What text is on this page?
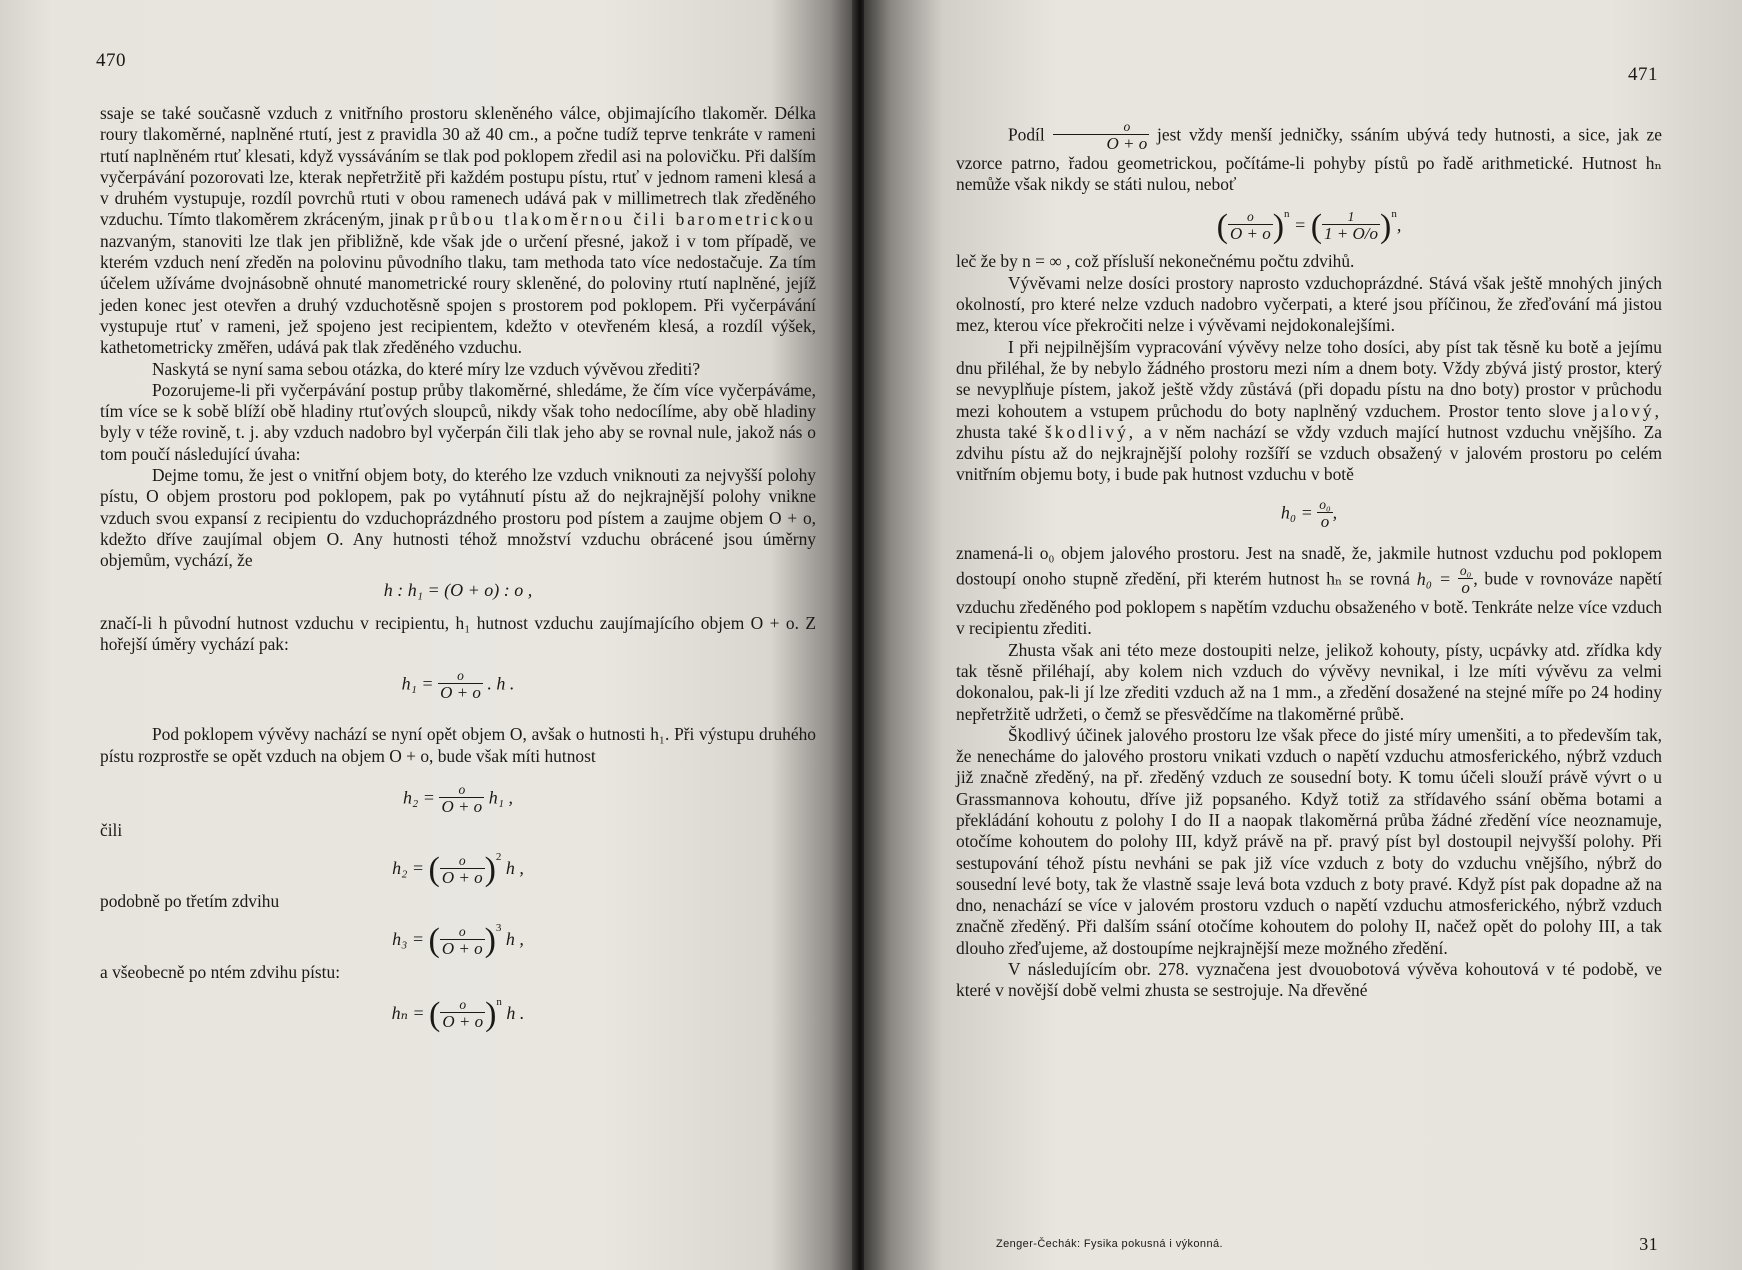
470

ssaje se také současně vzduch z vnitřního prostoru skleněného válce, objimajícího tlakoměr. Délka roury tlakoměrné, naplněné rtutí, jest z pravidla 30 až 40 cm., a počne tudíž teprve tenkráte v rameni rtutí naplněném rtuť klesati, když vyssáváním se tlak pod poklopem zředil asi na polovičku. Při dalším vyčerpávání pozorovati lze, kterak nepřetržitě při každém postupu pístu, rtuť v jednom rameni klesá a v druhém vystupuje, rozdíl povrchů rtuti v obou ramenech udává pak v millimetrech tlak zředěného vzduchu. Tímto tlakoměrem zkráceným, jinak průbou tlakoměrnou čili barometrickou nazvaným, stanoviti lze tlak jen přibližně, kde však jde o určení přesné, jakož i v tom případě, ve kterém vzduch není zředěn na polovinu původního tlaku, tam methoda tato více nedostačuje. Za tím účelem užíváme dvojnásobně ohnuté manometrické roury skleněné, do poloviny rtutí naplněné, jejíž jeden konec jest otevřen a druhý vzduchotěsně spojen s prostorem pod poklopem. Při vyčerpávání vystupuje rtuť v rameni, jež spojeno jest recipientem, kdežto v otevřeném klesá, a rozdíl výšek, kathetometricky změřen, udává pak tlak zředěného vzduchu.

Naskytá se nyní sama sebou otázka, do které míry lze vzduch vývěvou zřediti?

Pozorujeme-li při vyčerpávání postup průby tlakoměrné, shledáme, že čím více vyčerpáváme, tím více se k sobě blíží obě hladiny rtuťových sloupců, nikdy však toho nedocílíme, aby obě hladiny byly v téže rovině, t. j. aby vzduch nadobro byl vyčerpán čili tlak jeho aby se rovnal nule, jakož nás o tom poučí následující úvaha:

Dejme tomu, že jest o vnitřní objem boty, do kterého lze vzduch vniknouti za nejvyšší polohy pístu, O objem prostoru pod poklopem, pak po vytáhnutí pístu až do nejkrajnější polohy vnikne vzduch svou expansí z recipientu do vzduchoprázdného prostoru pod pístem a zaujme objem O + o, kdežto dříve zaujímal objem O. Any hutnosti téhož množství vzduchu obrácené jsou úměrny objemům, vychází, že

h : h₁ = (O + o) : o ,

značí-li h původní hutnost vzduchu v recipientu, h₁ hutnost vzduchu zaujímajícího objem O + o. Z hořejší úměry vychází pak:

$h_1 = \frac{o}{O + o}$ . h .

Pod poklopem vývěvy nachází se nyní opět objem O, avšak o hutnosti h₁. Při výstupu druhého pístu rozprostře se opět vzduch na objem O + o, bude však míti hutnost

$h_2 = \frac{o}{O + o} h_1$ ,

čili

h₂ = ( $\frac{o}{O + o} )^2$ h ,

podobně po třetím zdvihu

h₃ = ( $\frac{o}{O + o} )^3$ h ,

a všeobecně po ntém zdvihu pístu:

hₙ = ( $\frac{o}{O + o} )^n$ h .

471

Podíl $\frac{o}{O + o}$ jest vždy menší jedničky, ssáním ubývá tedy hutnosti, a sice, jak ze vzorce patrno, řadou geometrickou, počítáme-li pohyby pístů po řadě arithmetické. Hutnost hₙ nemůže však nikdy se státi nulou, neboť

( $\frac{o}{O + o} )^n$ = ( $\frac{1}{1 + O/o} )^n$,

leč že by n = ∞ , což přísluší nekonečnému počtu zdvihů.

Vývěvami nelze dosíci prostory naprosto vzduchoprázdné. Stává však ještě mnohých jiných okolností, pro které nelze vzduch nadobro vyčerpati, a které jsou příčinou, že zřeďování má jistou mez, kterou více překročiti nelze i vývěvami nejdokonalejšími.

I při nejpilnějším vypracování vývěvy nelze toho dosíci, aby píst tak těsně ku botě a jejímu dnu přiléhal, že by nebylo žádného prostoru mezi ním a dnem boty. Vždy zbývá jistý prostor, který se nevyplňuje pístem, jakož ještě vždy zůstává (při dopadu pístu na dno boty) prostor v průchodu mezi kohoutem a vstupem průchodu do boty naplněný vzduchem. Prostor tento slove jalový, zhusta také škodlivý, a v něm nachází se vždy vzduch mající hutnost vzduchu vnějšího. Za zdvihu pístu až do nejkrajnější polohy rozšíří se vzduch obsažený v jalovém prostoru po celém vnitřním objemu boty, i bude pak hutnost vzduchu v botě

$h_0 = \frac{\text{o₀}}{o}$ ,

znamená-li o₀ objem jalového prostoru. Jest na snadě, že, jakmile hutnost vzduchu pod poklopem dostoupí onoho stupně zředění, při kterém hutnost hₙ se rovná $h_0 = \frac{\text{o₀}}{o}$ , bude v rovnováze napětí vzduchu zředěného pod poklopem s napětím vzduchu obsaženého v botě. Tenkráte nelze více vzduch v recipientu zřediti.

Zhusta však ani této meze dostoupiti nelze, jelikož kohouty, písty, ucpávky atd. zřídka kdy tak těsně přiléhají, aby kolem nich vzduch do vývěvy nevnikal, i lze míti vývěvu za velmi dokonalou, pak-li jí lze zřediti vzduch až na 1 mm., a zředění dosažené na stejné míře po 24 hodiny nepřetržitě udržeti, o čemž se přesvědčíme na tlakoměrné průbě.

Škodlivý účinek jalového prostoru lze však přece do jisté míry umenšiti, a to především tak, že nenecháme do jalového prostoru vnikati vzduch o napětí vzduchu atmosferického, nýbrž vzduch již značně zředěný, na př. zředěný vzduch ze sousední boty. K tomu účeli slouží právě vývrt o u Grassmannova kohoutu, dříve již popsaného. Když totiž za střídavého ssání oběma botami a překládání kohoutu z polohy I do II a naopak tlakoměrná průba žádné zředění více neoznamuje, otočíme kohoutem do polohy III, když právě na př. pravý píst byl dostoupil nejvyšší polohy. Při sestupování téhož pístu nevháni se pak již více vzduch z boty do vzduchu vnějšího, nýbrž do sousední levé boty, tak že vlastně ssaje levá bota vzduch z boty pravé. Když píst pak dopadne až na dno, nenachází se více v jalovém prostoru vzduch o napětí vzduchu atmosferického, nýbrž vzduch značně zředěný. Při dalším ssání otočíme kohoutem do polohy II, načež opět do polohy III, a tak dlouho zřeďujeme, až dostoupíme nejkrajnější meze možného zředění.

V následujícím obr. 278. vyznačena jest dvouobotová vývěva kohoutová v té podobě, ve které v novější době velmi zhusta se sestrojuje. Na dřevěné

Zenger-Čechák: Fysika pokusná i výkonná.	31
